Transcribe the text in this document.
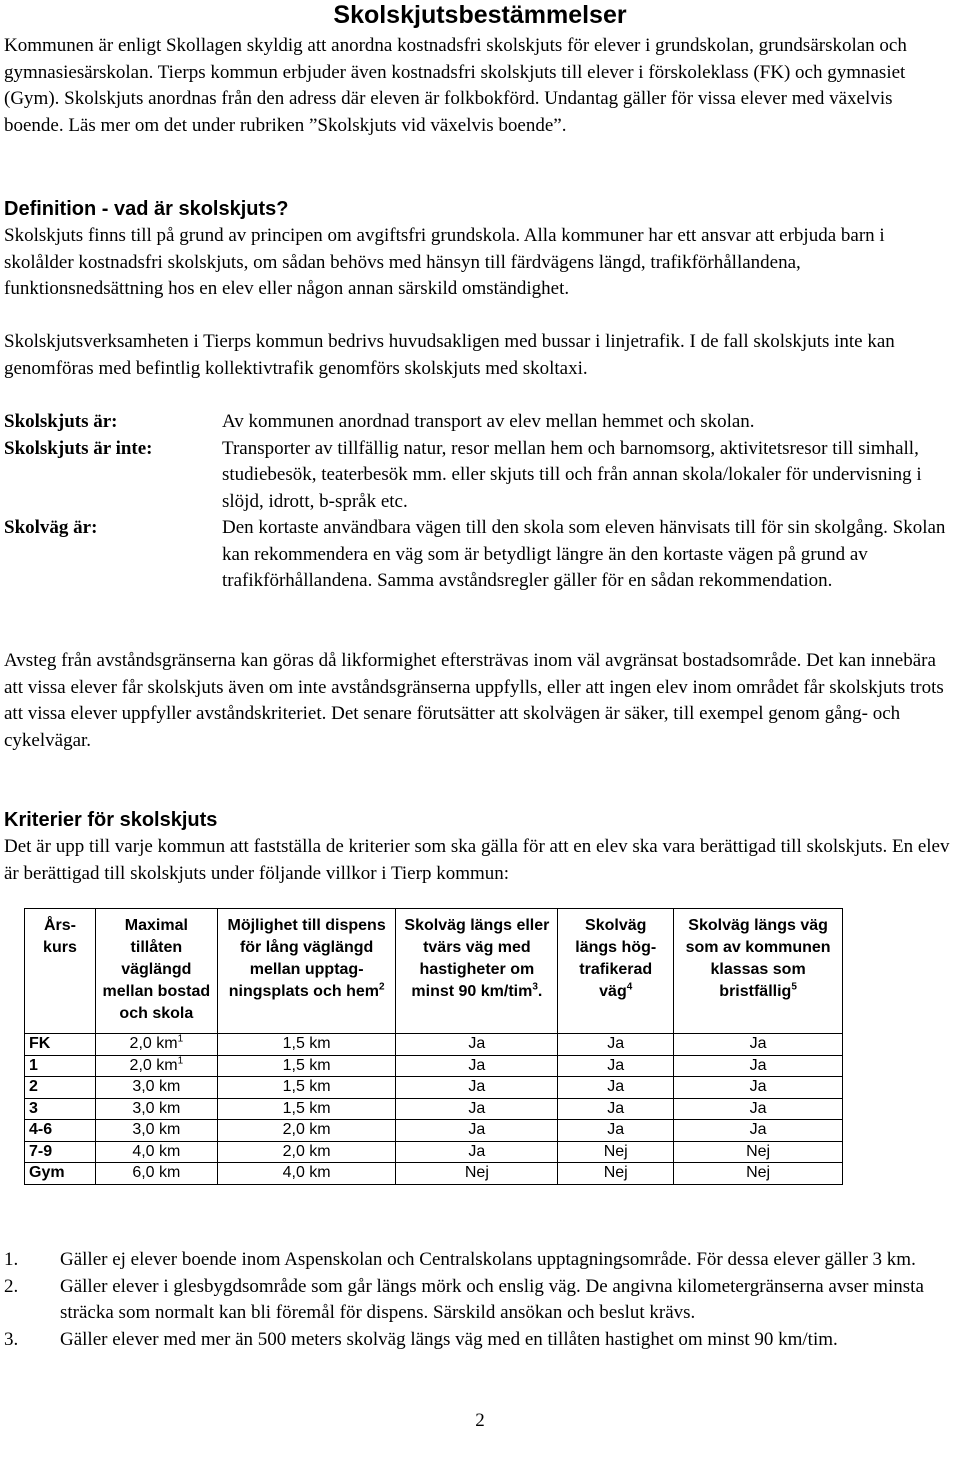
Skolskjutsbestämmelser

Kommunen är enligt Skollagen skyldig att anordna kostnadsfri skolskjuts för elever i grundskolan, grundsärskolan och gymnasiesärskolan. Tierps kommun erbjuder även kostnadsfri skolskjuts till elever i förskoleklass (FK) och gymnasiet (Gym). Skolskjuts anordnas från den adress där eleven är folkbokförd. Undantag gäller för vissa elever med växelvis boende. Läs mer om det under rubriken ”Skolskjuts vid växelvis boende”.

Definition - vad är skolskjuts?

Skolskjuts finns till på grund av principen om avgiftsfri grundskola. Alla kommuner har ett ansvar att erbjuda barn i skolålder kostnadsfri skolskjuts, om sådan behövs med hänsyn till färdvägens längd, trafikförhållandena, funktionsnedsättning hos en elev eller någon annan särskild omständighet.

Skolskjutsverksamheten i Tierps kommun bedrivs huvudsakligen med bussar i linjetrafik. I de fall skolskjuts inte kan genomföras med befintlig kollektivtrafik genomförs skolskjuts med skoltaxi.

Skolskjuts är:	Av kommunen anordnad transport av elev mellan hemmet och skolan.
Skolskjuts är inte:	Transporter av tillfällig natur, resor mellan hem och barnomsorg, aktivitetsresor till simhall, studiebesök, teaterbesök mm. eller skjuts till och från annan skola/lokaler för undervisning i slöjd, idrott, b-språk etc.
Skolväg är:	Den kortaste användbara vägen till den skola som eleven hänvisats till för sin skolgång. Skolan kan rekommendera en väg som är betydligt längre än den kortaste vägen på grund av trafikförhållandena. Samma avståndsregler gäller för en sådan rekommendation.

Avsteg från avståndsgränserna kan göras då likformighet eftersträvas inom väl avgränsat bostadsområde. Det kan innebära att vissa elever får skolskjuts även om inte avståndsgränserna uppfylls, eller att ingen elev inom området får skolskjuts trots att vissa elever uppfyller avståndskriteriet. Det senare förutsätter att skolvägen är säker, till exempel genom gång- och cykelvägar.

Kriterier för skolskjuts

Det är upp till varje kommun att fastställa de kriterier som ska gälla för att en elev ska vara berättigad till skolskjuts. En elev är berättigad till skolskjuts under följande villkor i Tierp kommun:

Års-kurs	Maximal tillåten väglängd mellan bostad och skola	Möjlighet till dispens för lång väglängd mellan upptag-ningsplats och hem$^2$	Skolväg längs eller tvärs väg med hastigheter om minst 90 km/tim$^3$.	Skolväg längs hög-trafikerad väg$^4$	Skolväg längs väg som av kommunen klassas som bristfällig$^5$
FK	2,0 $km^1$	1,5 km	Ja	Ja	Ja
1	2,0 $km^1$	1,5 km	Ja	Ja	Ja
2	3,0 km	1,5 km	Ja	Ja	Ja
3	3,0 km	1,5 km	Ja	Ja	Ja
4-6	3,0 km	2,0 km	Ja	Ja	Ja
7-9	4,0 km	2,0 km	Ja	Nej	Nej
Gym	6,0 km	4,0 km	Nej	Nej	Nej
1.	Gäller ej elever boende inom Aspenskolan och Centralskolans upptagningsområde. För dessa elever gäller 3 km.
2.	Gäller elever i glesbygdsområde som går längs mörk och enslig väg. De angivna kilometergränserna avser minsta sträcka som normalt kan bli föremål för dispens. Särskild ansökan och beslut krävs.
3.	Gäller elever med mer än 500 meters skolväg längs väg med en tillåten hastighet om minst 90 km/tim.
2
